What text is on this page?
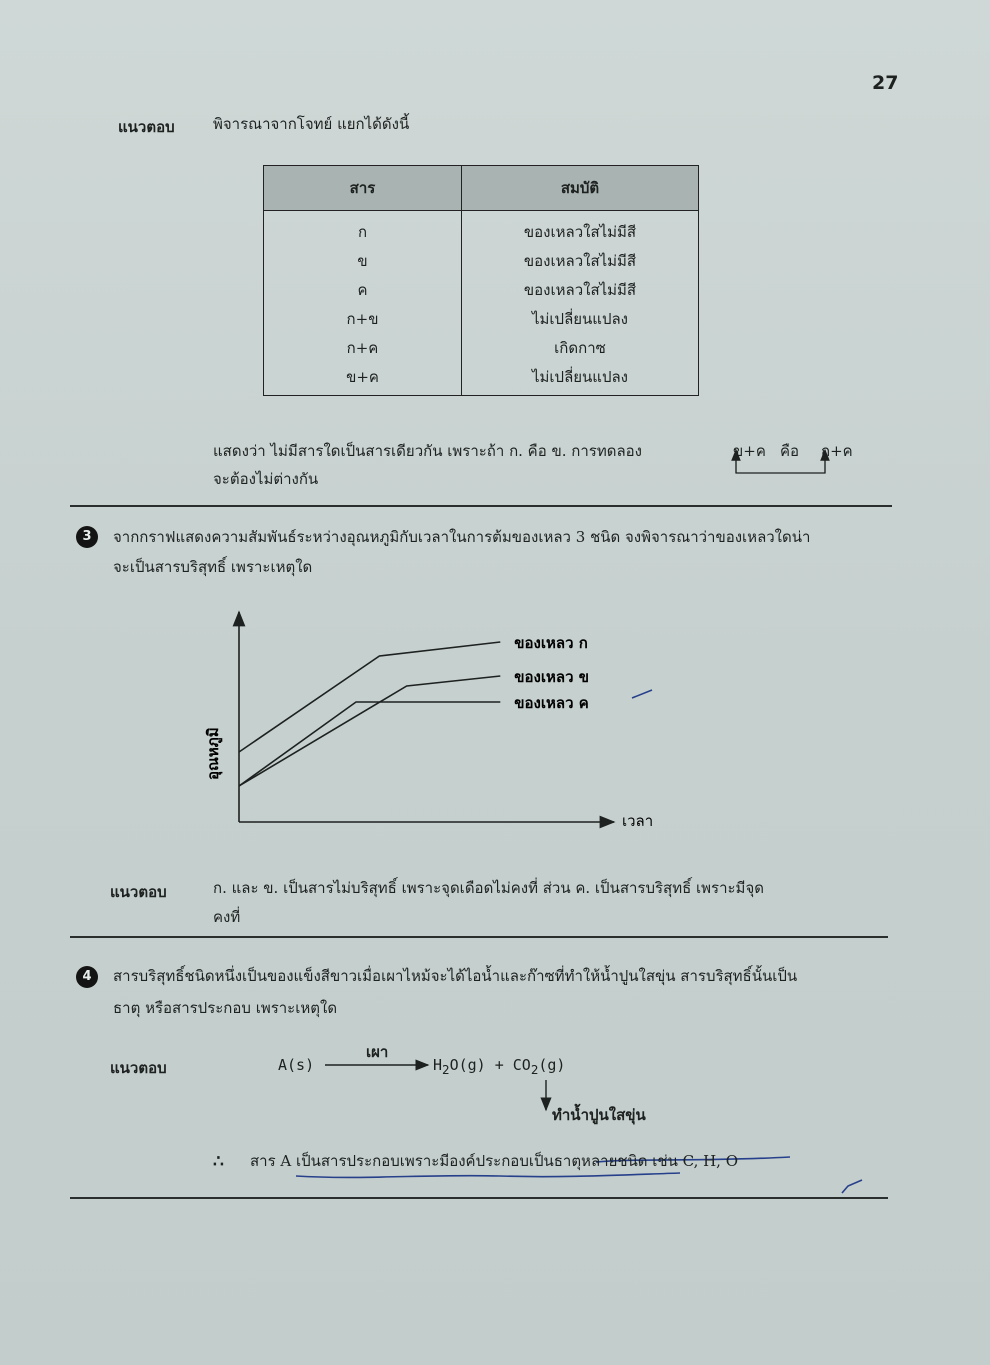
27
แนวตอบ	พิจารณาจากโจทย์ แยกได้ดังนี้
สาร	สมบัติ
ก	ของเหลวใสไม่มีสี
ข	ของเหลวใสไม่มีสี
ค	ของเหลวใสไม่มีสี
ก+ข	ไม่เปลี่ยนแปลง
ก+ค	เกิดกาซ
ข+ค	ไม่เปลี่ยนแปลง
แสดงว่า ไม่มีสารใดเป็นสารเดียวกัน เพราะถ้า ก. คือ ข. การทดลอง	ข+ค คือ ก+ค
จะต้องไม่ต่างกัน
3	จากกราฟแสดงความสัมพันธ์ระหว่างอุณหภูมิกับเวลาในการต้มของเหลว 3 ชนิด จงพิจารณาว่าของเหลวใดน่า
จะเป็นสารบริสุทธิ์ เพราะเหตุใด
ของเหลว ก
ของเหลว ข
ของเหลว ค
เวลา
อุณหภูมิ
แนวตอบ	ก. และ ข. เป็นสารไม่บริสุทธิ์ เพราะจุดเดือดไม่คงที่ ส่วน ค. เป็นสารบริสุทธิ์ เพราะมีจุด
คงที่
4	สารบริสุทธิ์ชนิดหนึ่งเป็นของแข็งสีขาวเมื่อเผาไหม้จะได้ไอน้ำและก๊าซที่ทำให้น้ำปูนใสขุ่น สารบริสุทธิ์นั้นเป็น
ธาตุ หรือสารประกอบ เพราะเหตุใด
แนวตอบ	A(s)
เผา
$H_2O(g) + CO_2(g)$
ทำน้ำปูนใสขุ่น
∴ สาร A เป็นสารประกอบเพราะมีองค์ประกอบเป็นธาตุหลายชนิด เช่น C, H, O
